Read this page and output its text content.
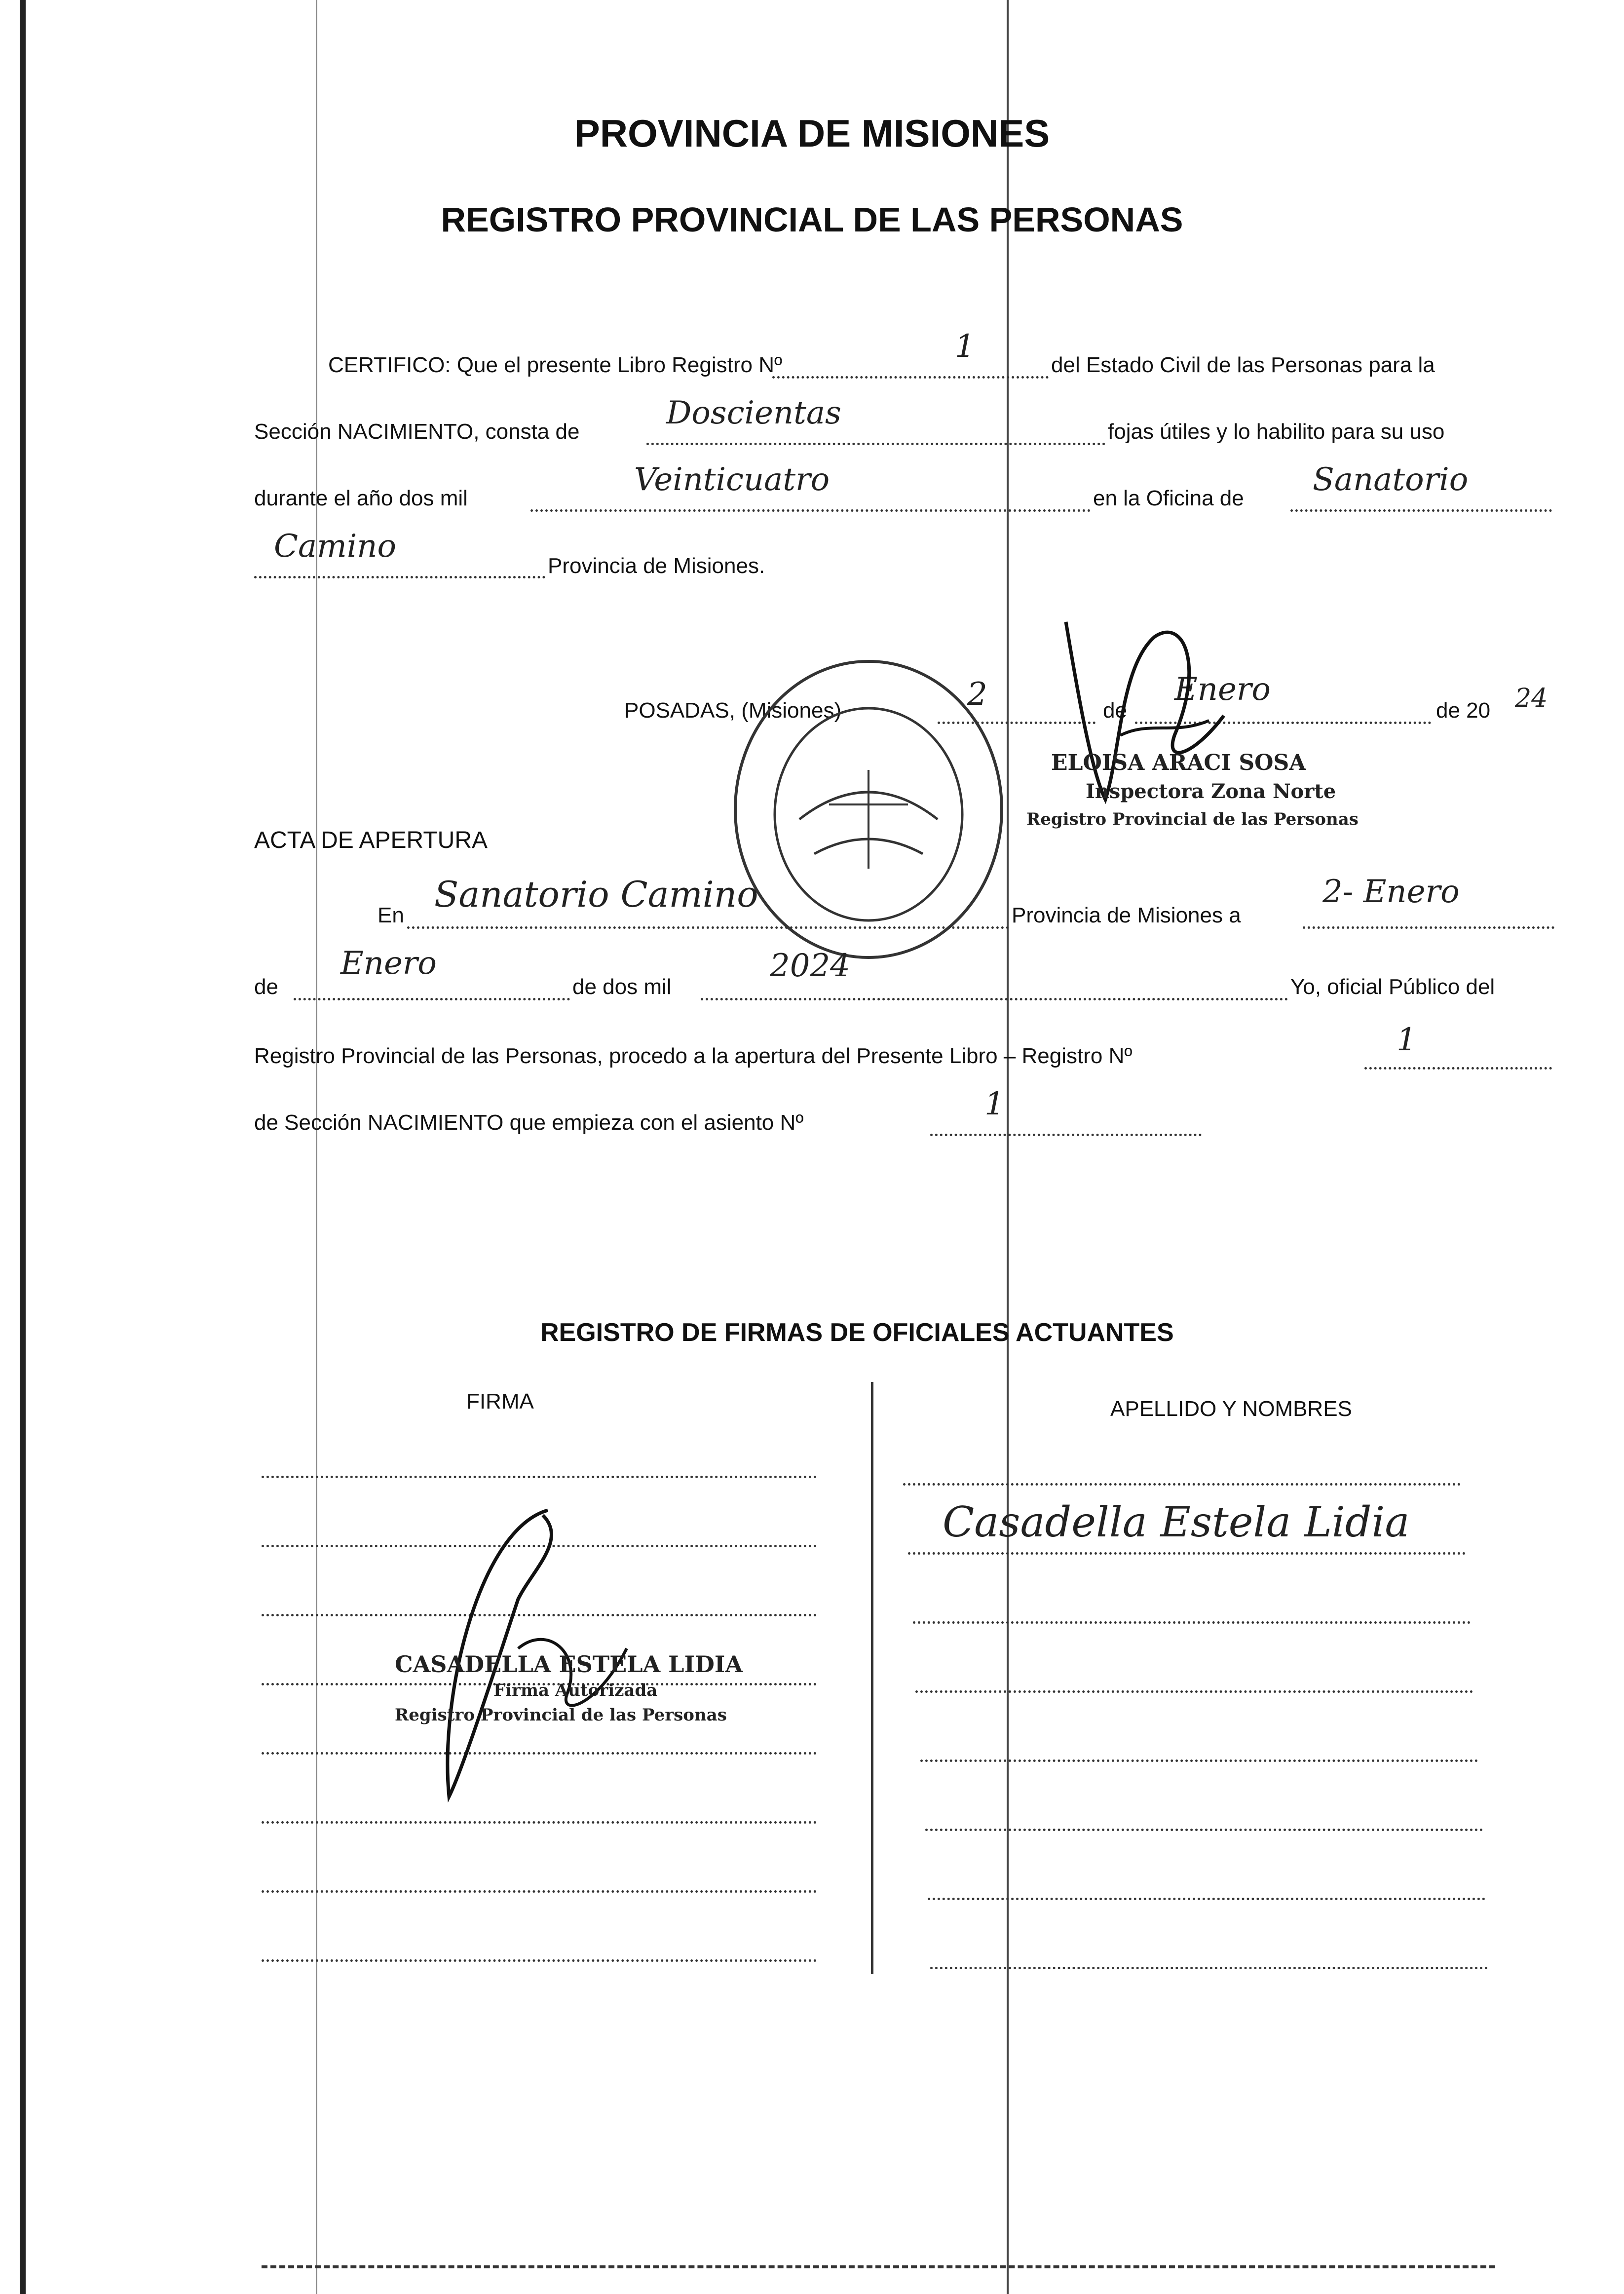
PROVINCIA DE MISIONES
REGISTRO PROVINCIAL DE LAS PERSONAS
CERTIFICO: Que el presente Libro Registro Nº
1
del Estado Civil de las Personas para la
Sección NACIMIENTO, consta de
Doscientas
fojas útiles y lo habilito para su uso
durante el año dos mil
Veinticuatro
en la Oficina de
Sanatorio
Camino
Provincia de Misiones.
POSADAS, (Misiones)	2	de
Enero
de 20 24
ELOISA ARACI SOSA
Inspectora Zona Norte
Registro Provincial de las Personas
ACTA DE APERTURA
En
Sanatorio Camino
Provincia de Misiones a
2- Enero
de
Enero
de dos mil
2024
Yo, oficial Público del
Registro Provincial de las Personas, procedo a la apertura del Presente Libro – Registro Nº	1
de Sección NACIMIENTO que empieza con el asiento Nº
1
REGISTRO DE FIRMAS DE OFICIALES ACTUANTES
FIRMA	APELLIDO Y NOMBRES
Casadella Estela Lidia
CASADELLA ESTELA LIDIA
Firma Autorizada
Registro Provincial de las Personas
